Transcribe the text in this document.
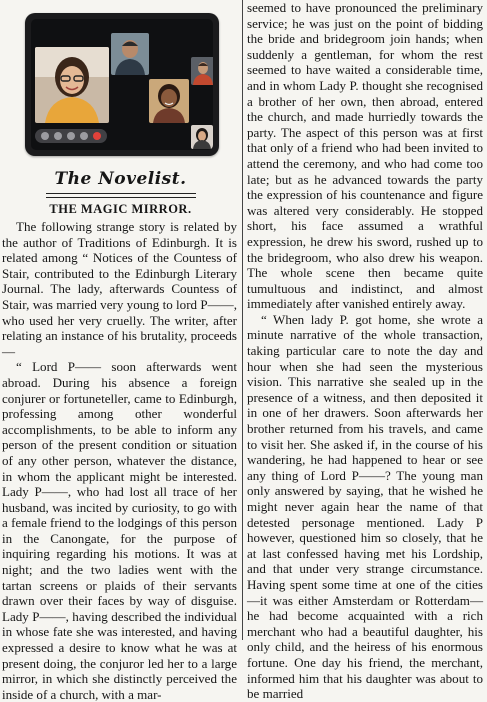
The Novelist.
THE MAGIC MIRROR.

The following strange story is related by the author of Traditions of Edinburgh. It is related among “ Notices of the Countess of Stair, contributed to the Edinburgh Literary Journal. The lady, afterwards Countess of Stair, was married very young to lord P——, who used her very cruelly. The writer, after relating an instance of his brutality, proceeds—

“ Lord P—— soon afterwards went abroad. During his absence a foreign conjurer or fortuneteller, came to Edinburgh, professing among other wonderful accomplishments, to be able to inform any person of the present condition or situation of any other person, whatever the distance, in whom the applicant might be interested. Lady P——, who had lost all trace of her husband, was incited by curiosity, to go with a female friend to the lodgings of this person in the Canongate, for the purpose of inquiring regarding his motions. It was at night; and the two ladies went with the tartan screens or plaids of their servants drawn over their faces by way of disguise. Lady P——, having described the individual in whose fate she was interested, and having expressed a desire to know what he was at present doing, the conjuror led her to a large mirror, in which she distinctly perceived the inside of a church, with a mar-

seemed to have pronounced the preliminary service; he was just on the point of bidding the bride and bridegroom join hands; when suddenly a gentleman, for whom the rest seemed to have waited a considerable time, and in whom Lady P. thought she recognised a brother of her own, then abroad, entered the church, and made hurriedly towards the party. The aspect of this person was at first that only of a friend who had been invited to attend the ceremony, and who had come too late; but as he advanced towards the party the expression of his countenance and figure was altered very considerably. He stopped short, his face assumed a wrathful expression, he drew his sword, rushed up to the bridegroom, who also drew his weapon. The whole scene then became quite tumultuous and indistinct, and almost immediately after vanished entirely away.

“ When lady P. got home, she wrote a minute narrative of the whole transaction, taking particular care to note the day and hour when she had seen the mysterious vision. This narrative she sealed up in the presence of a witness, and then deposited it in one of her drawers. Soon afterwards her brother returned from his travels, and came to visit her. She asked if, in the course of his wandering, he had happened to hear or see any thing of Lord P——? The young man only answered by saying, that he wished he might never again hear the name of that detested personage mentioned. Lady P however, questioned him so closely, that he at last confessed having met his Lordship, and that under very strange circumstance. Having spent some time at one of the cities—it was either Amsterdam or Rotterdam—he had become acquainted with a rich merchant who had a beautiful daughter, his only child, and the heiress of his enormous fortune. One day his friend, the merchant, informed him that his daughter was about to be married
